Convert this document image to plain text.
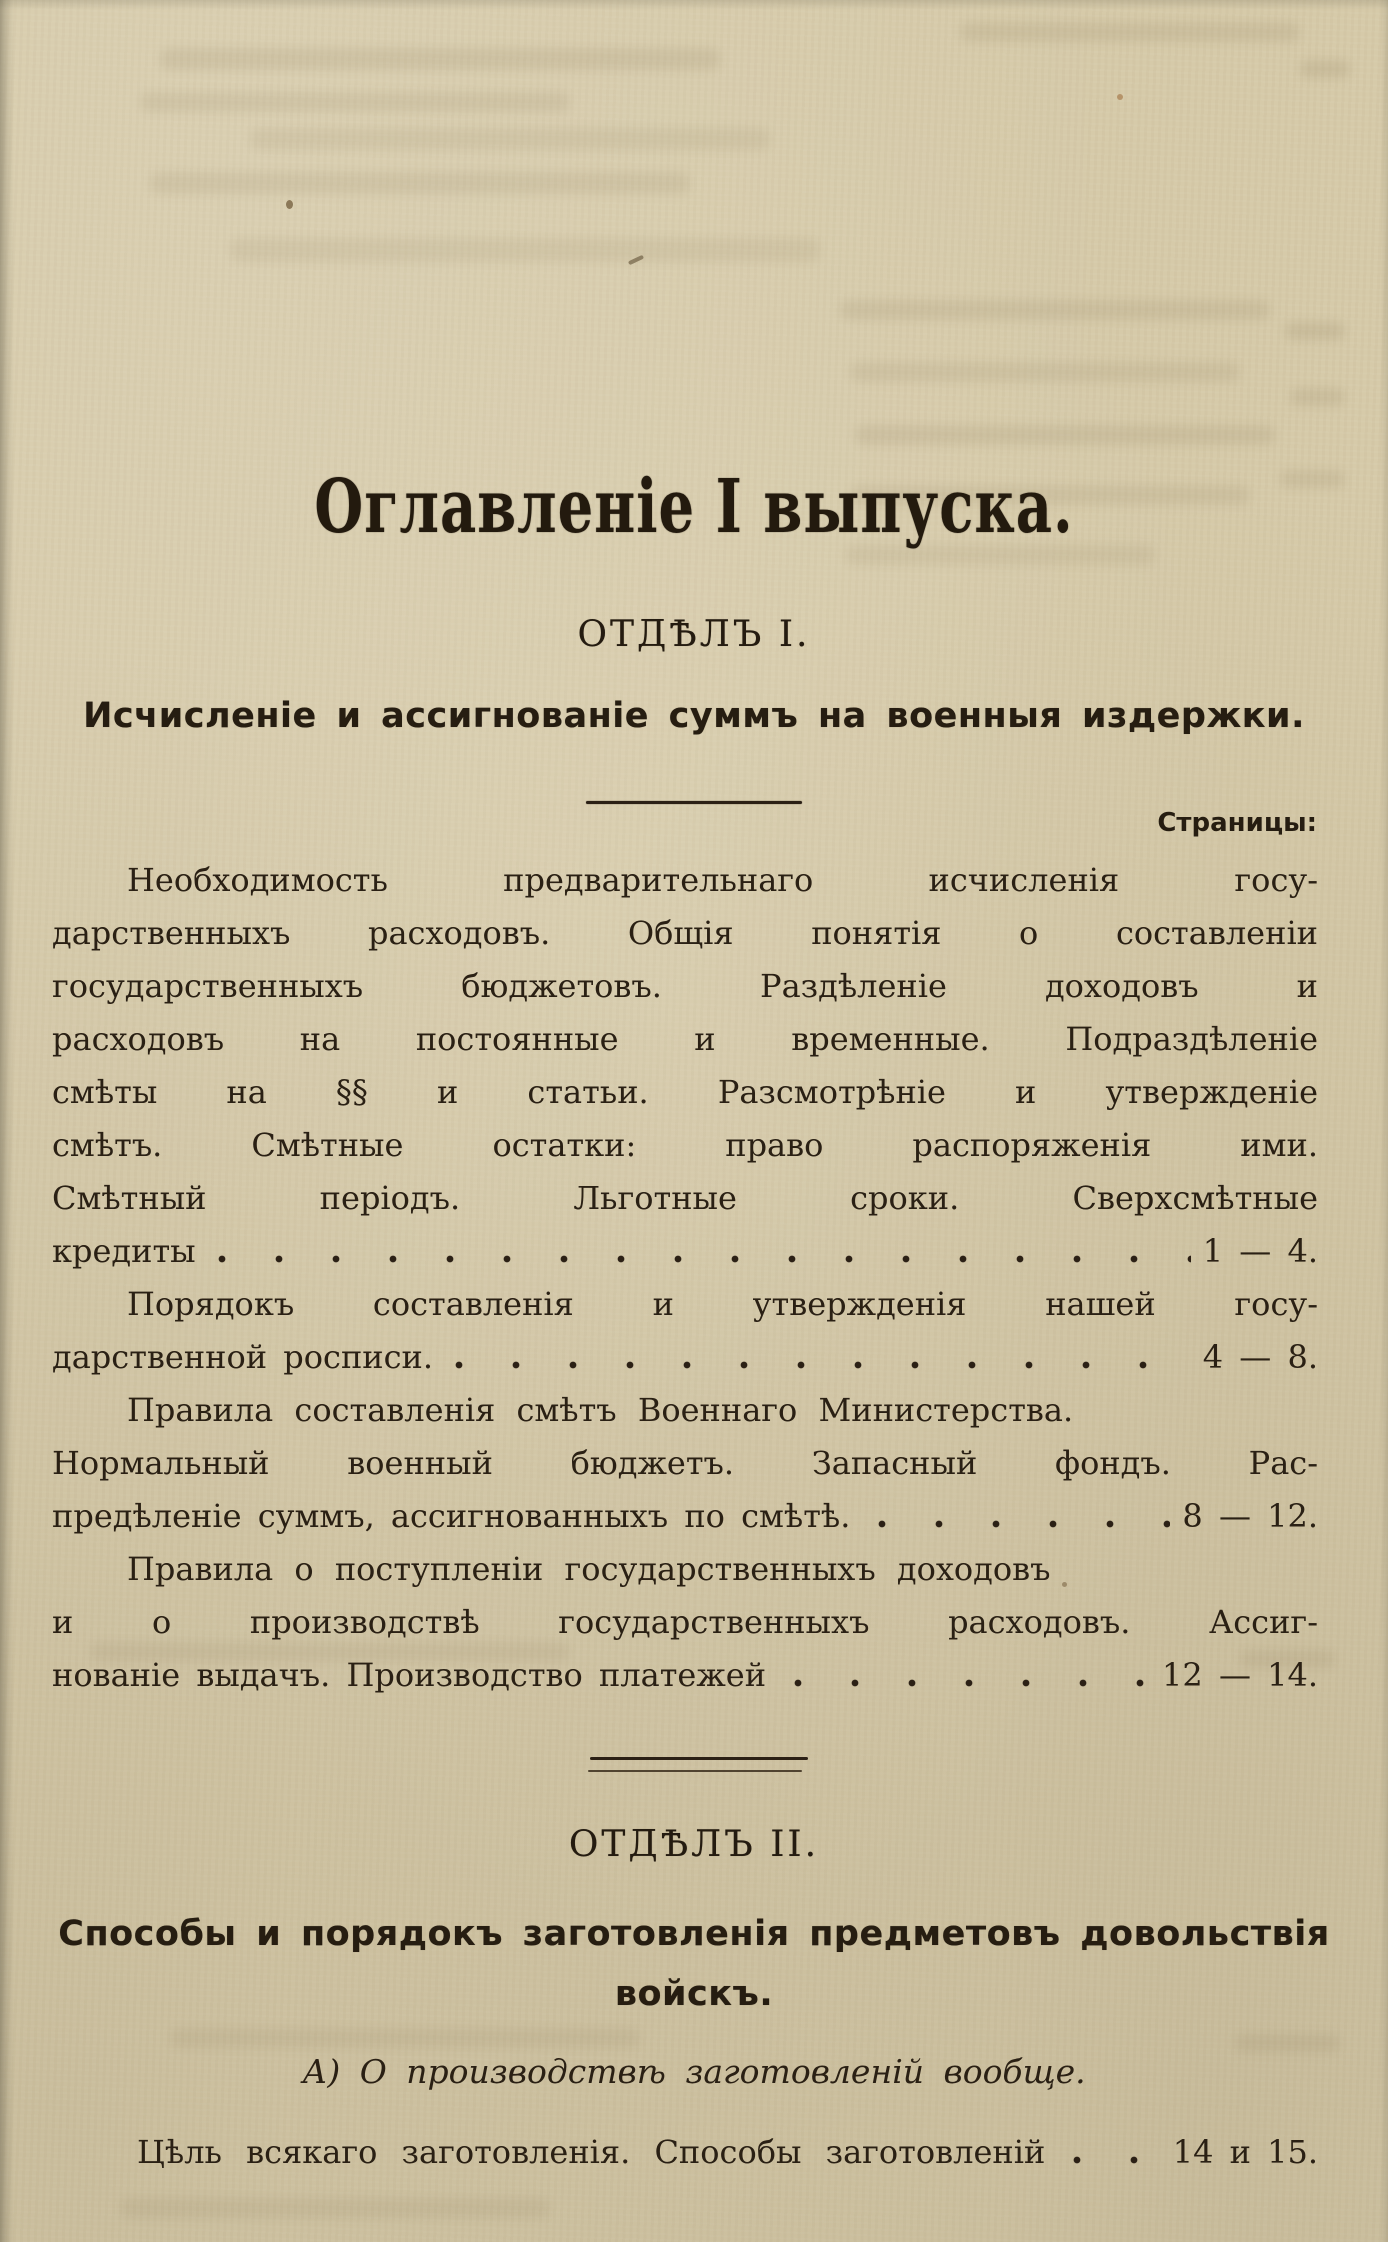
Оглавленіе I выпуска.
ОТДѢЛЪ I.
Исчисленіе и ассигнованіе суммъ на военныя издержки.
Страницы:
Необходимость предварительнаго исчисленія госу-
дарственныхъ расходовъ. Общія понятія о составленіи
государственныхъ бюджетовъ. Раздѣленіе доходовъ и
расходовъ на постоянные и временные. Подраздѣленіе
смѣты на §§ и статьи. Разсмотрѣніе и утвержденіе
смѣтъ. Смѣтные остатки: право распоряженія ими.
Смѣтный періодъ. Льготные сроки. Сверхсмѣтные
кредиты	1 — 4.
Порядокъ составленія и утвержденія нашей госу-
дарственной росписи.	4 — 8.
Правила составленія смѣтъ Военнаго Министерства.
Нормальный военный бюджетъ. Запасный фондъ. Рас-
предѣленіе суммъ, ассигнованныхъ по смѣтѣ.	8 — 12.
Правила о поступленіи государственныхъ доходовъ
и о производствѣ государственныхъ расходовъ. Ассиг-
нованіе выдачъ. Производство платежей	12 — 14.
ОТДѢЛЪ II.
Способы и порядокъ заготовленія предметовъ довольствія
войскъ.
А) О производствѣ заготовленій вообще.
Цѣль всякаго заготовленія. Способы заготовленій	14 и 15.
